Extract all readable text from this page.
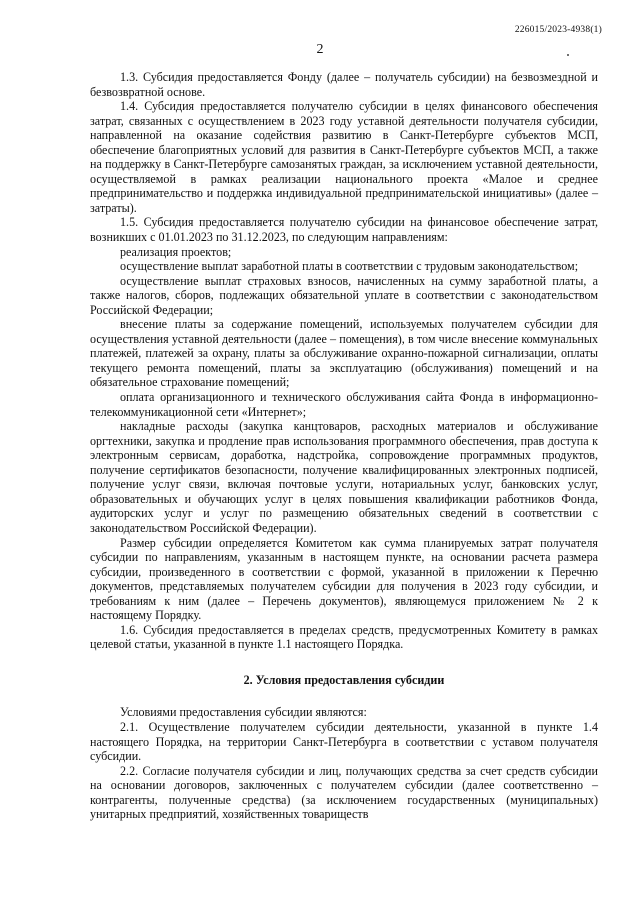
226015/2023-4938(1)
2

1.3. Субсидия предоставляется Фонду (далее – получатель субсидии) на безвозмездной и безвозвратной основе.

1.4. Субсидия предоставляется получателю субсидии в целях финансового обеспечения затрат, связанных с осуществлением в 2023 году уставной деятельности получателя субсидии, направленной на оказание содействия развитию в Санкт-Петербурге субъектов МСП, обеспечение благоприятных условий для развития в Санкт-Петербурге субъектов МСП, а также на поддержку в Санкт-Петербурге самозанятых граждан, за исключением уставной деятельности, осуществляемой в рамках реализации национального проекта «Малое и среднее предпринимательство и поддержка индивидуальной предпринимательской инициативы» (далее – затраты).

1.5. Субсидия предоставляется получателю субсидии на финансовое обеспечение затрат, возникших с 01.01.2023 по 31.12.2023, по следующим направлениям:

реализация проектов;

осуществление выплат заработной платы в соответствии с трудовым законодательством;

осуществление выплат страховых взносов, начисленных на сумму заработной платы, а также налогов, сборов, подлежащих обязательной уплате в соответствии с законодательством Российской Федерации;

внесение платы за содержание помещений, используемых получателем субсидии для осуществления уставной деятельности (далее – помещения), в том числе внесение коммунальных платежей, платежей за охрану, платы за обслуживание охранно-пожарной сигнализации, оплаты текущего ремонта помещений, платы за эксплуатацию (обслуживания) помещений и на обязательное страхование помещений;

оплата организационного и технического обслуживания сайта Фонда в информационно-телекоммуникационной сети «Интернет»;

накладные расходы (закупка канцтоваров, расходных материалов и обслуживание оргтехники, закупка и продление прав использования программного обеспечения, прав доступа к электронным сервисам, доработка, надстройка, сопровождение программных продуктов, получение сертификатов безопасности, получение квалифицированных электронных подписей, получение услуг связи, включая почтовые услуги, нотариальных услуг, банковских услуг, образовательных и обучающих услуг в целях повышения квалификации работников Фонда, аудиторских услуг и услуг по размещению обязательных сведений в соответствии с законодательством Российской Федерации).

Размер субсидии определяется Комитетом как сумма планируемых затрат получателя субсидии по направлениям, указанным в настоящем пункте, на основании расчета размера субсидии, произведенного в соответствии с формой, указанной в приложении к Перечню документов, представляемых получателем субсидии для получения в 2023 году субсидии, и требованиям к ним (далее – Перечень документов), являющемуся приложением № 2 к настоящему Порядку.

1.6. Субсидия предоставляется в пределах средств, предусмотренных Комитету в рамках целевой статьи, указанной в пункте 1.1 настоящего Порядка.

2. Условия предоставления субсидии

Условиями предоставления субсидии являются:

2.1. Осуществление получателем субсидии деятельности, указанной в пункте 1.4 настоящего Порядка, на территории Санкт-Петербурга в соответствии с уставом получателя субсидии.

2.2. Согласие получателя субсидии и лиц, получающих средства за счет средств субсидии на основании договоров, заключенных с получателем субсидии (далее соответственно – контрагенты, полученные средства) (за исключением государственных (муниципальных) унитарных предприятий, хозяйственных товариществ
